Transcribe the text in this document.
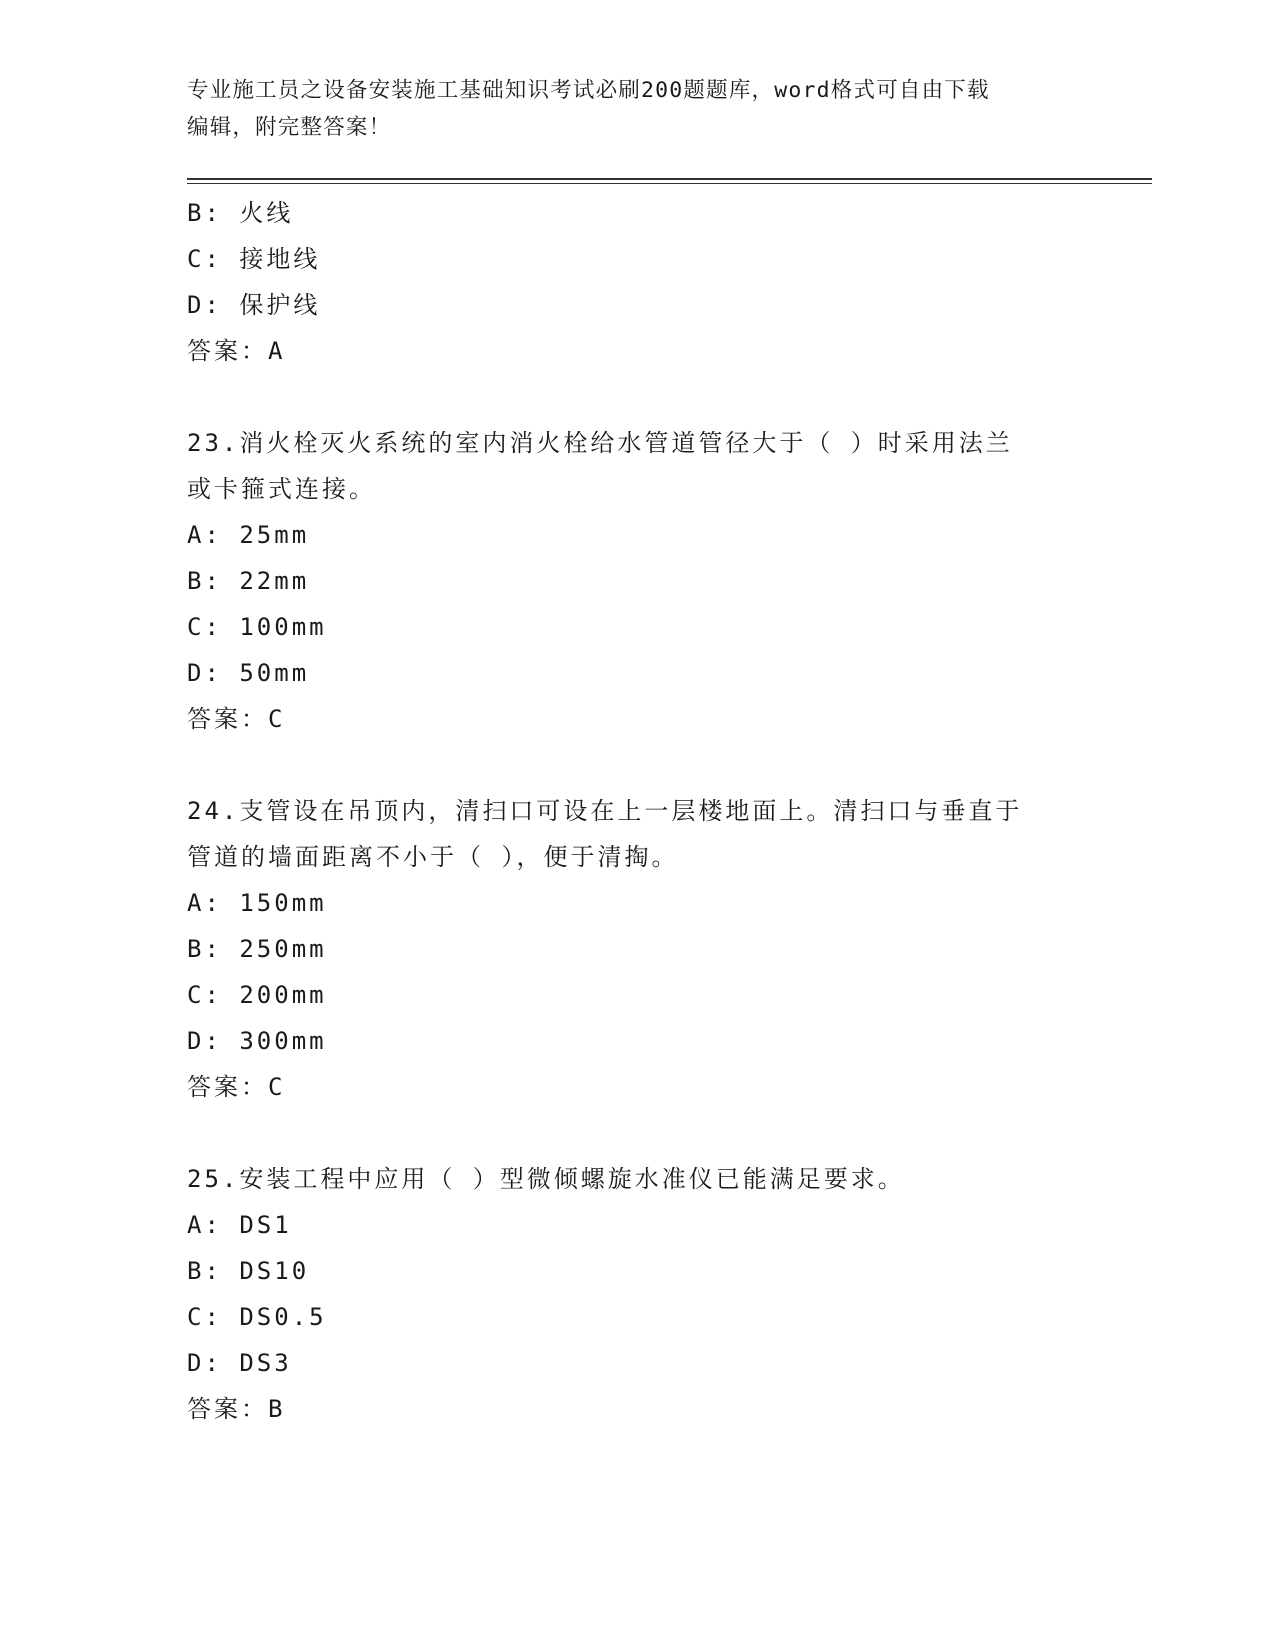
专业施工员之设备安装施工基础知识考试必刷200题题库，word格式可自由下载
编辑，附完整答案！
B: 火线
C: 接地线
D: 保护线
答案：A
23.消火栓灭火系统的室内消火栓给水管道管径大于（ ）时采用法兰
或卡箍式连接。
A: 25mm
B: 22mm
C: 100mm
D: 50mm
答案：C
24.支管设在吊顶内，清扫口可设在上一层楼地面上。清扫口与垂直于
管道的墙面距离不小于（ ），便于清掏。
A: 150mm
B: 250mm
C: 200mm
D: 300mm
答案：C
25.安装工程中应用（ ）型微倾螺旋水准仪已能满足要求。
A: DS1
B: DS10
C: DS0.5
D: DS3
答案：B
